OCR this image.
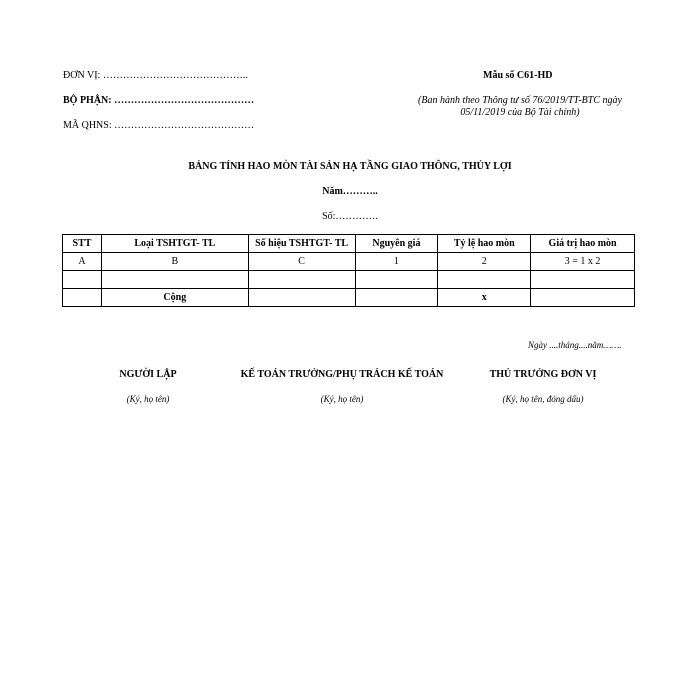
ĐƠN VỊ: ……………………………………..
BỘ PHẬN: ……………………………………
MÃ QHNS: ……………………………………
Mẫu số C61-HD
(Ban hành theo Thông tư số 76/2019/TT-BTC ngày 05/11/2019 của Bộ Tài chính)
BẢNG TÍNH HAO MÒN TÀI SẢN HẠ TẦNG GIAO THÔNG, THỦY LỢI
Năm………..
Số:………….
STT	Loại TSHTGT- TL	Số hiệu TSHTGT- TL	Nguyên giá	Tỷ lệ hao mòn	Giá trị hao mòn
A	B	C	1	2	3 = 1 x 2

	Cộng			x	
Ngày ....tháng....năm…….
NGƯỜI LẬP
(Ký, họ tên)
KẾ TOÁN TRƯỞNG/PHỤ TRÁCH KẾ TOÁN
(Ký, họ tên)
THỦ TRƯỞNG ĐƠN VỊ
(Ký, họ tên, đóng dấu)
